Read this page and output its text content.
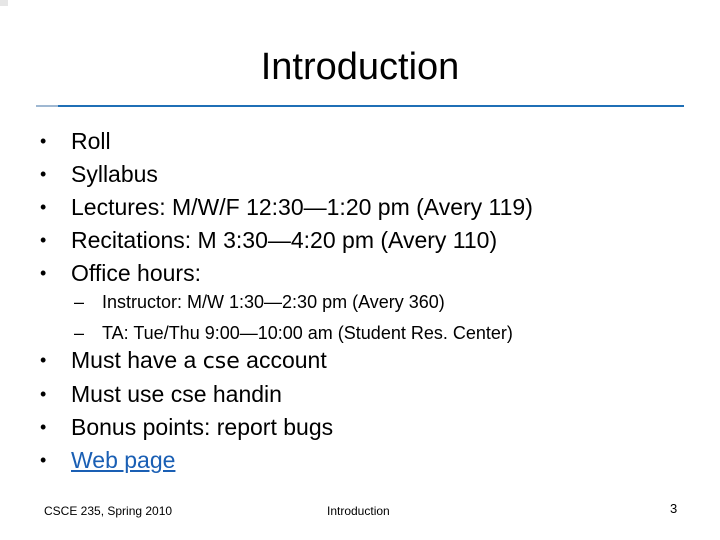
Introduction
•	Roll
•	Syllabus
•	Lectures: M/W/F 12:30—1:20 pm (Avery 119)
•	Recitations: M 3:30—4:20 pm (Avery 110)
•	Office hours:
– Instructor: M/W 1:30—2:30 pm (Avery 360)
– TA: Tue/Thu 9:00—10:00 am (Student Res. Center)
•	Must have a cse account
•	Must use cse handin
•	Bonus points: report bugs
•	Web page
CSCE 235, Spring 2010	Introduction	3
